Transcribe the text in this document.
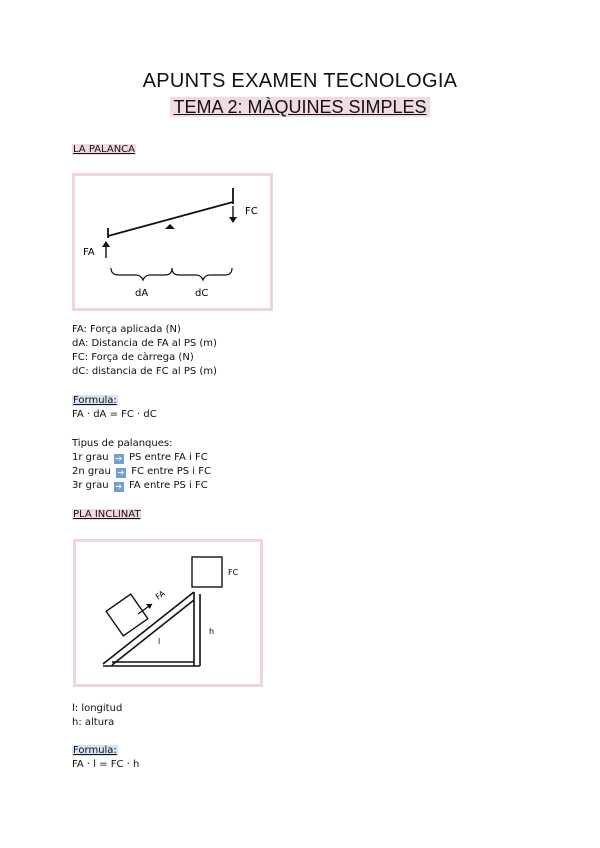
APUNTS EXAMEN TECNOLOGIA
TEMA 2: MÀQUINES SIMPLES
LA PALANCA
FC
FA
dA	dC
FA: Força aplicada (N)
dA: Distancia de FA al PS (m)
FC: Força de càrrega (N)
dC: distancia de FC al PS (m)
Formula:
FA · dA = FC · dC
Tipus de palanques:
1r grau ➔ PS entre FA i FC
2n grau ➔ FC entre PS i FC
3r grau ➔ FA entre PS i FC
PLA INCLINAT
FA
FC
l
h
l: longitud
h: altura
Formula:
FA · l = FC · h
